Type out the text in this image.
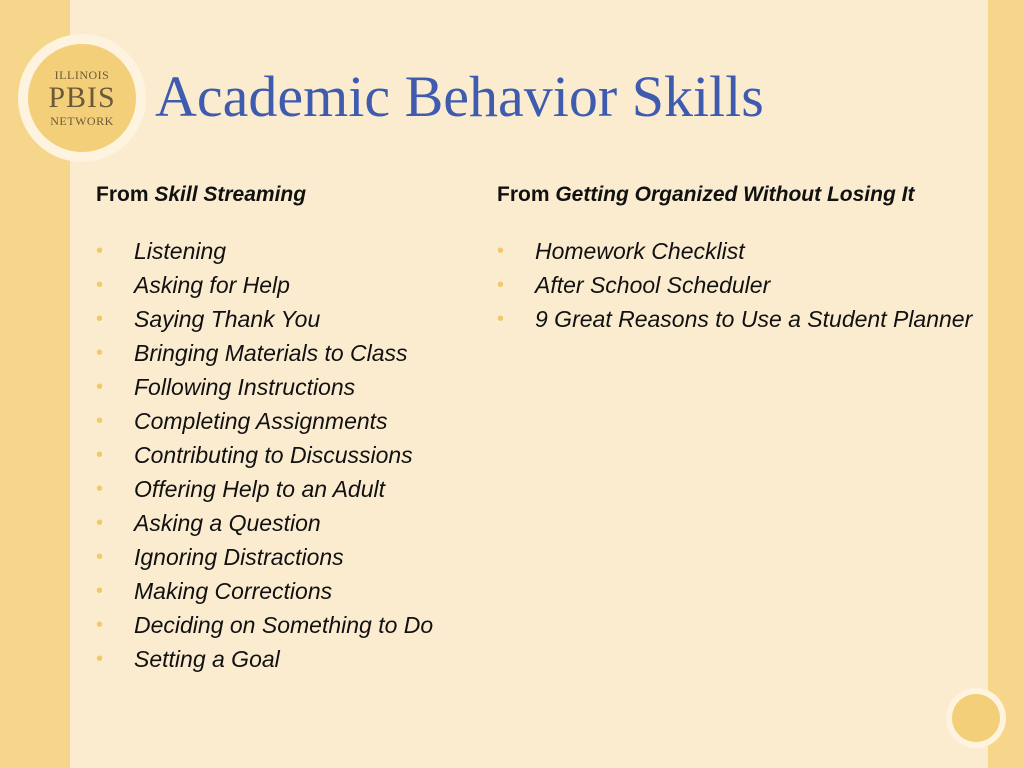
ILLINOIS
PBIS
NETWORK Academic Behavior Skills
From Skill Streaming
• Listening
• Asking for Help
• Saying Thank You
• Bringing Materials to Class
• Following Instructions
• Completing Assignments
• Contributing to Discussions
• Offering Help to an Adult
• Asking a Question
• Ignoring Distractions
• Making Corrections
• Deciding on Something to Do
• Setting a Goal
From Getting Organized Without Losing It
• Homework Checklist
• After School Scheduler
• 9 Great Reasons to Use a Student Planner
